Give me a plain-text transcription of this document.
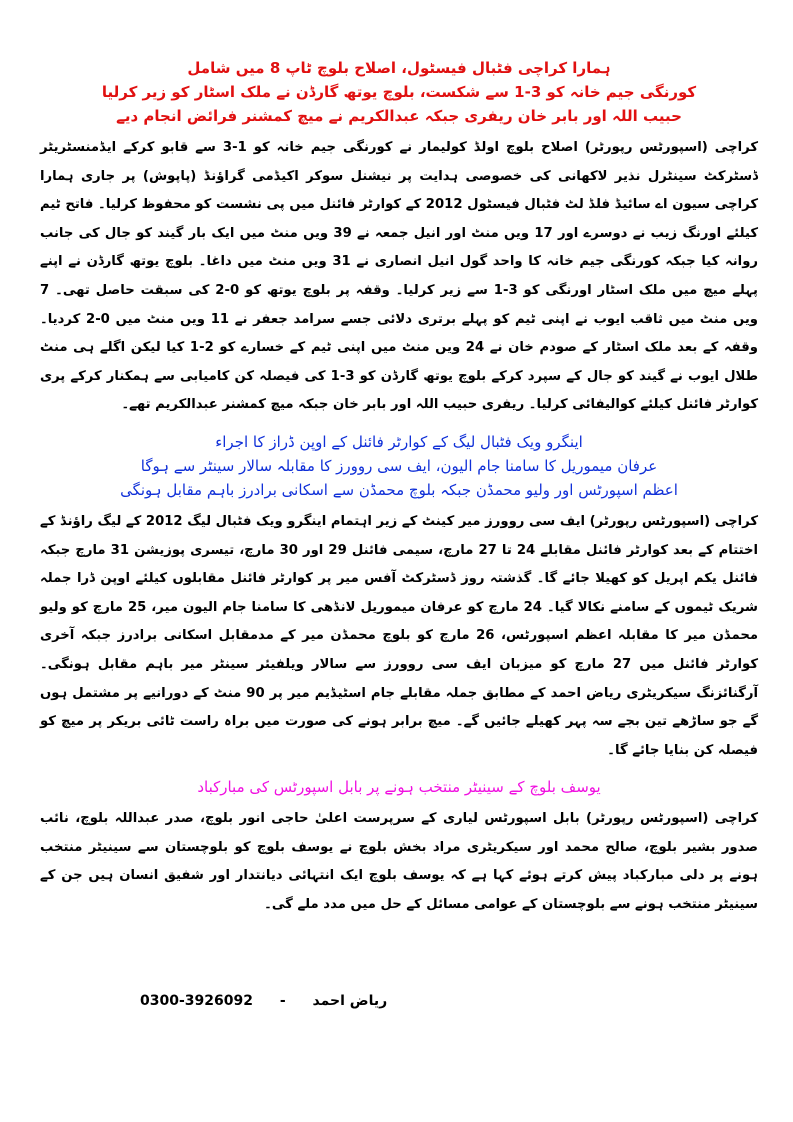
ہمارا کراچی فٹبال فیسٹول، اصلاح بلوچ ٹاپ 8 میں شامل
کورنگی جیم خانہ کو 3-1 سے شکست، بلوچ یوتھ گارڈن نے ملک اسٹار کو زیر کرلیا
حبیب اللہ اور بابر خان ریفری جبکہ عبدالکریم نے میچ کمشنر فرائض انجام دیے

کراچی (اسپورٹس رپورٹر) اصلاح بلوچ اولڈ کولیمار نے کورنگی جیم خانہ کو 1-3 سے قابو کرکے ایڈمنسٹریٹر ڈسٹرکٹ سینٹرل نذیر لاکھانی کی خصوصی ہدایت پر نیشنل سوکر اکیڈمی گراؤنڈ (پاپوش) پر جاری ہمارا کراچی سیون اے سائیڈ فلڈ لٹ فٹبال فیسٹول 2012 کے کوارٹر فائنل میں پی نشست کو محفوظ کرلیا۔ فاتح ٹیم کیلئے اورنگ زیب نے دوسرے اور 17 ویں منٹ اور انیل جمعہ نے 39 ویں منٹ میں ایک بار گیند کو جال کی جانب روانہ کیا جبکہ کورنگی جیم خانہ کا واحد گول انیل انصاری نے 31 ویں منٹ میں داغا۔ بلوچ یوتھ گارڈن نے اپنے پہلے میچ میں ملک اسٹار اورنگی کو 3-1 سے زیر کرلیا۔ وقفہ پر بلوچ یوتھ کو 0-2 کی سبقت حاصل تھی۔ 7 ویں منٹ میں ثاقب ایوب نے اپنی ٹیم کو پہلے برتری دلائی جسے سرامد جعفر نے 11 ویں منٹ میں 0-2 کردیا۔ وقفہ کے بعد ملک اسٹار کے صودم خان نے 24 ویں منٹ میں اپنی ٹیم کے خسارے کو 2-1 کیا لیکن اگلے ہی منٹ طلال ایوب نے گیند کو جال کے سپرد کرکے بلوچ یوتھ گارڈن کو 3-1 کی فیصلہ کن کامیابی سے ہمکنار کرکے پری کوارٹر فائنل کیلئے کوالیفائی کرلیا۔ ریفری حبیب اللہ اور بابر خان جبکہ میچ کمشنر عبدالکریم تھے۔

اینگرو ویک فٹبال لیگ کے کوارٹر فائنل کے اوپن ڈراز کا اجراء
عرفان میموریل کا سامنا جام الیون، ایف سی روورز کا مقابلہ سالار سینٹر سے ہوگا
اعظم اسپورٹس اور ولیو محمڈن جبکہ بلوچ محمڈن سے اسکانی برادرز باہم مقابل ہونگی

کراچی (اسپورٹس رپورٹر) ایف سی روورز میر کینٹ کے زیر اہتمام اینگرو ویک فٹبال لیگ 2012 کے لیگ راؤنڈ کے اختتام کے بعد کوارٹر فائنل مقابلے 24 تا 27 مارچ، سیمی فائنل 29 اور 30 مارچ، تیسری پوزیشن 31 مارچ جبکہ فائنل یکم اپریل کو کھیلا جائے گا۔ گذشتہ روز ڈسٹرکٹ آفس میر پر کوارٹر فائنل مقابلوں کیلئے اوپن ڈرا جملہ شریک ٹیموں کے سامنے نکالا گیا۔ 24 مارچ کو عرفان میموریل لانڈھی کا سامنا جام الیون میر، 25 مارچ کو ولیو محمڈن میر کا مقابلہ اعظم اسپورٹس، 26 مارچ کو بلوچ محمڈن میر کے مدمقابل اسکانی برادرز جبکہ آخری کوارٹر فائنل میں 27 مارچ کو میزبان ایف سی روورز سے سالار ویلفیئر سینٹر میر باہم مقابل ہونگی۔ آرگنائزنگ سیکریٹری ریاض احمد کے مطابق جملہ مقابلے جام اسٹیڈیم میر پر 90 منٹ کے دورانیے پر مشتمل ہوں گے جو ساڑھے تین بجے سہ پہر کھیلے جائیں گے۔ میچ برابر ہونے کی صورت میں براہ راست ٹائی بریکر پر میچ کو فیصلہ کن بنایا جائے گا۔

یوسف بلوچ کے سینیٹر منتخب ہونے پر بابل اسپورٹس کی مبارکباد

کراچی (اسپورٹس رپورٹر) بابل اسپورٹس لیاری کے سرپرست اعلیٰ حاجی انور بلوچ، صدر عبداللہ بلوچ، نائب صدور بشیر بلوچ، صالح محمد اور سیکریٹری مراد بخش بلوچ نے یوسف بلوچ کو بلوچستان سے سینیٹر منتخب ہونے پر دلی مبارکباد پیش کرتے ہوئے کہا ہے کہ یوسف بلوچ ایک انتہائی دیانتدار اور شفیق انسان ہیں جن کے سینیٹر منتخب ہونے سے بلوچستان کے عوامی مسائل کے حل میں مدد ملے گی۔

0300-3926092 - ریاض احمد
